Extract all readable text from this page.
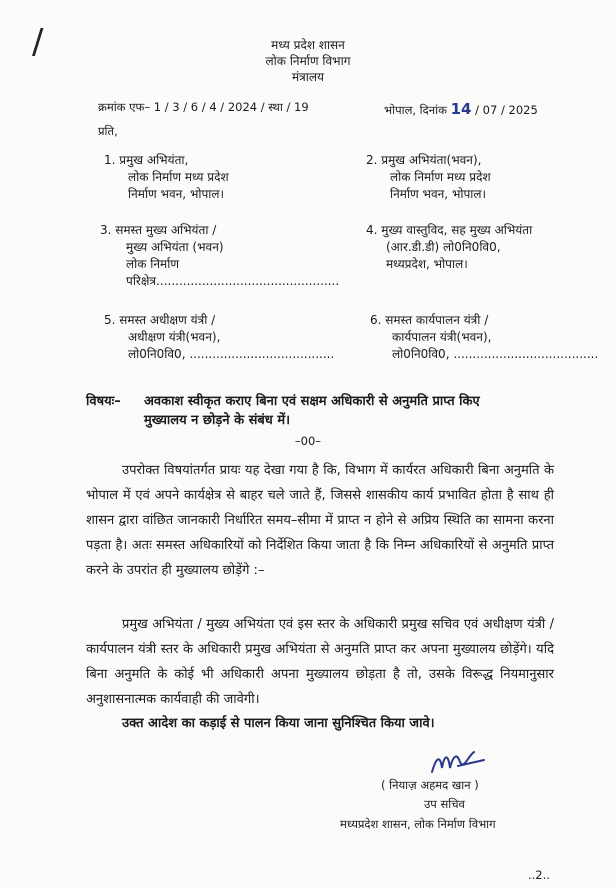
/	मध्य प्रदेश शासन
लोक निर्माण विभाग
मंत्रालय
क्रमांक एफ– 1 / 3 / 6 / 4 / 2024 / स्था / 19	भोपाल, दिनांक 14 / 07 / 2025
प्रति,
1. प्रमुख अभियंता,
लोक निर्माण मध्य प्रदेश
निर्माण भवन, भोपाल।
2. प्रमुख अभियंता(भवन),
लोक निर्माण मध्य प्रदेश
निर्माण भवन, भोपाल।
3. समस्त मुख्य अभियंता /
मुख्य अभियंता (भवन)
लोक निर्माण
परिक्षेत्र................................................
4. मुख्य वास्तुविद, सह मुख्य अभियंता
(आर.डी.डी) लो0नि0वि0,
मध्यप्रदेश, भोपाल।
5. समस्त अधीक्षण यंत्री /
अधीक्षण यंत्री(भवन),
लो0नि0वि0, ......................................
6. समस्त कार्यपालन यंत्री /
कार्यपालन यंत्री(भवन),
लो0नि0वि0, ......................................
विषयः– अवकाश स्वीकृत कराए बिना एवं सक्षम अधिकारी से अनुमति प्राप्त किए
मुख्यालय न छोड़ने के संबंध में।
–00–
उपरोक्त विषयांतर्गत प्रायः यह देखा गया है कि, विभाग में कार्यरत अधिकारी बिना अनुमति के भोपाल में एवं अपने कार्यक्षेत्र से बाहर चले जाते हैं, जिससे शासकीय कार्य प्रभावित होता है साथ ही शासन द्वारा वांछित जानकारी निर्धारित समय–सीमा में प्राप्त न होने से अप्रिय स्थिति का सामना करना पड़ता है। अतः समस्त अधिकारियों को निर्देशित किया जाता है कि निम्न अधिकारियों से अनुमति प्राप्त करने के उपरांत ही मुख्यालय छोड़ेंगे :–
प्रमुख अभियंता / मुख्य अभियंता एवं इस स्तर के अधिकारी प्रमुख सचिव एवं अधीक्षण यंत्री / कार्यपालन यंत्री स्तर के अधिकारी प्रमुख अभियंता से अनुमति प्राप्त कर अपना मुख्यालय छोड़ेंगे। यदि बिना अनुमति के कोई भी अधिकारी अपना मुख्यालय छोड़ता है तो, उसके विरूद्ध नियमानुसार अनुशासनात्मक कार्यवाही की जावेगी।
उक्त आदेश का कड़ाई से पालन किया जाना सुनिश्चित किया जावे।
( नियाज़ अहमद खान )
उप सचिव
मध्यप्रदेश शासन, लोक निर्माण विभाग
..2..
